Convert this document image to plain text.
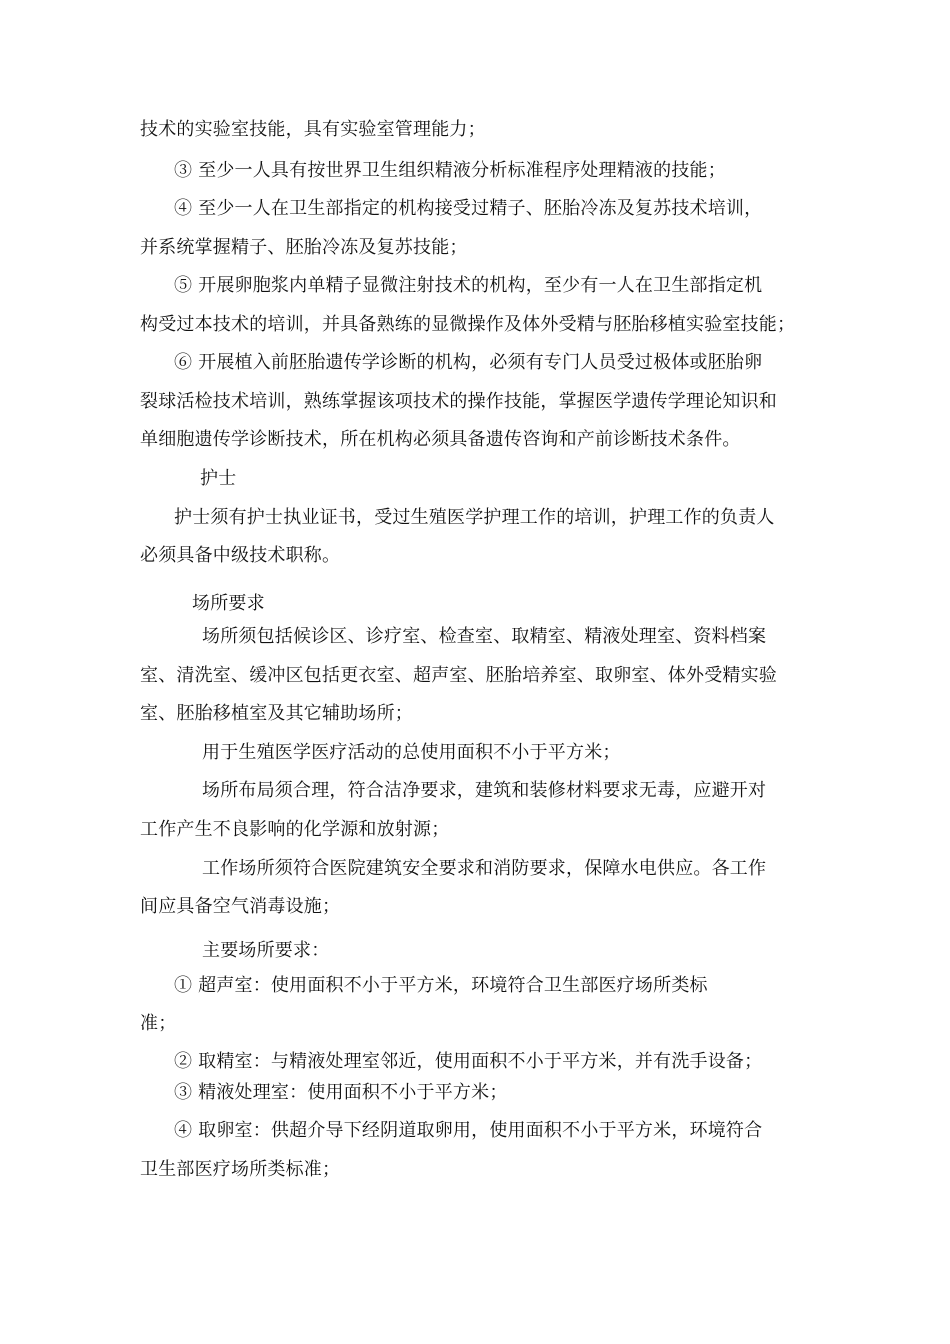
技术的实验室技能，具有实验室管理能力；
③ 至少一人具有按世界卫生组织精液分析标准程序处理精液的技能；
④ 至少一人在卫生部指定的机构接受过精子、胚胎冷冻及复苏技术培训，
并系统掌握精子、胚胎冷冻及复苏技能；
⑤ 开展卵胞浆内单精子显微注射技术的机构，至少有一人在卫生部指定机
构受过本技术的培训，并具备熟练的显微操作及体外受精与胚胎移植实验室技能；
⑥ 开展植入前胚胎遗传学诊断的机构，必须有专门人员受过极体或胚胎卵
裂球活检技术培训，熟练掌握该项技术的操作技能，掌握医学遗传学理论知识和
单细胞遗传学诊断技术，所在机构必须具备遗传咨询和产前诊断技术条件。
护士
护士须有护士执业证书，受过生殖医学护理工作的培训，护理工作的负责人
必须具备中级技术职称。
场所要求
场所须包括候诊区、诊疗室、检查室、取精室、精液处理室、资料档案
室、清洗室、缓冲区包括更衣室、超声室、胚胎培养室、取卵室、体外受精实验
室、胚胎移植室及其它辅助场所；
用于生殖医学医疗活动的总使用面积不小于平方米；
场所布局须合理，符合洁净要求，建筑和装修材料要求无毒，应避开对
工作产生不良影响的化学源和放射源；
工作场所须符合医院建筑安全要求和消防要求，保障水电供应。各工作
间应具备空气消毒设施；
主要场所要求：
① 超声室：使用面积不小于平方米，环境符合卫生部医疗场所类标
准；
② 取精室：与精液处理室邻近，使用面积不小于平方米，并有洗手设备；
③ 精液处理室：使用面积不小于平方米；
④ 取卵室：供超介导下经阴道取卵用，使用面积不小于平方米，环境符合
卫生部医疗场所类标准；
